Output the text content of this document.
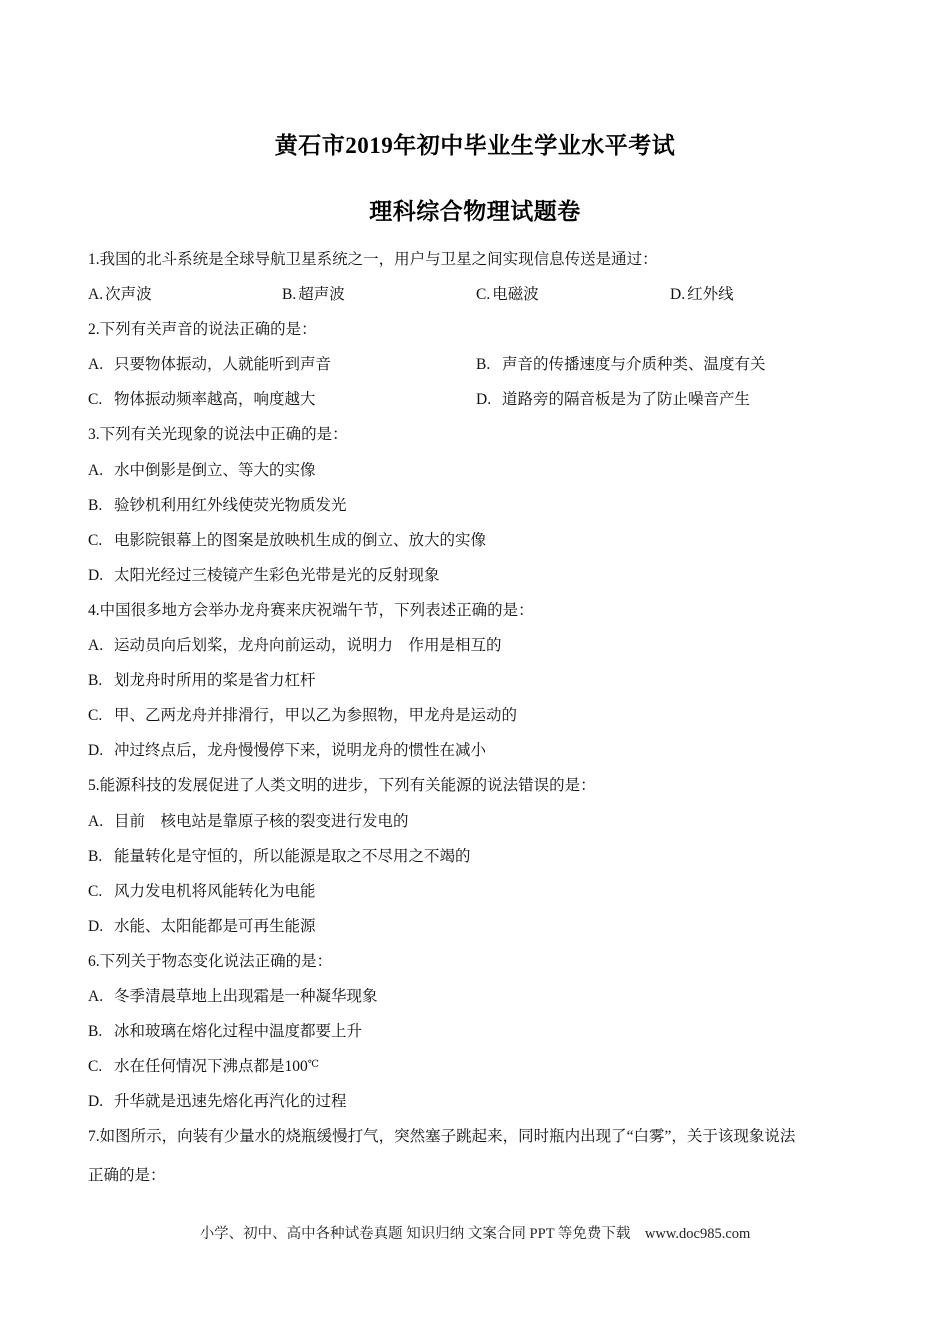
黄石市2019年初中毕业生学业水平考试
理科综合物理试题卷
1.我国的北斗系统是全球导航卫星系统之一，用户与卫星之间实现信息传送是通过：
A. 次声波	B. 超声波	C. 电磁波	D. 红外线
2.下列有关声音的说法正确的是：
A. 只要物体振动，人就能听到声音	B. 声音的传播速度与介质种类、温度有关
C. 物体振动频率越高，响度越大	D. 道路旁的隔音板是为了防止噪音产生
3.下列有关光现象的说法中正确的是：
A. 水中倒影是倒立、等大的实像
B. 验钞机利用红外线使荧光物质发光
C. 电影院银幕上的图案是放映机生成的倒立、放大的实像
D. 太阳光经过三棱镜产生彩色光带是光的反射现象
4.中国很多地方会举办龙舟赛来庆祝端午节，下列表述正确的是：
A. 运动员向后划桨，龙舟向前运动，说明力　作用是相互的
B. 划龙舟时所用的桨是省力杠杆
C. 甲、乙两龙舟并排滑行，甲以乙为参照物，甲龙舟是运动的
D. 冲过终点后，龙舟慢慢停下来，说明龙舟的惯性在减小
5.能源科技的发展促进了人类文明的进步，下列有关能源的说法错误的是：
A. 目前　核电站是靠原子核的裂变进行发电的
B. 能量转化是守恒的，所以能源是取之不尽用之不竭的
C. 风力发电机将风能转化为电能
D. 水能、太阳能都是可再生能源
6.下列关于物态变化说法正确的是：
A. 冬季清晨草地上出现霜是一种凝华现象
B. 冰和玻璃在熔化过程中温度都要上升
C. 水在任何情况下沸点都是100℃
D. 升华就是迅速先熔化再汽化的过程
7.如图所示，向装有少量水的烧瓶缓慢打气，突然塞子跳起来，同时瓶内出现了“白雾”，关于该现象说法
正确的是：
小学、初中、高中各种试卷真题 知识归纳 文案合同 PPT 等免费下载　www.doc985.com
